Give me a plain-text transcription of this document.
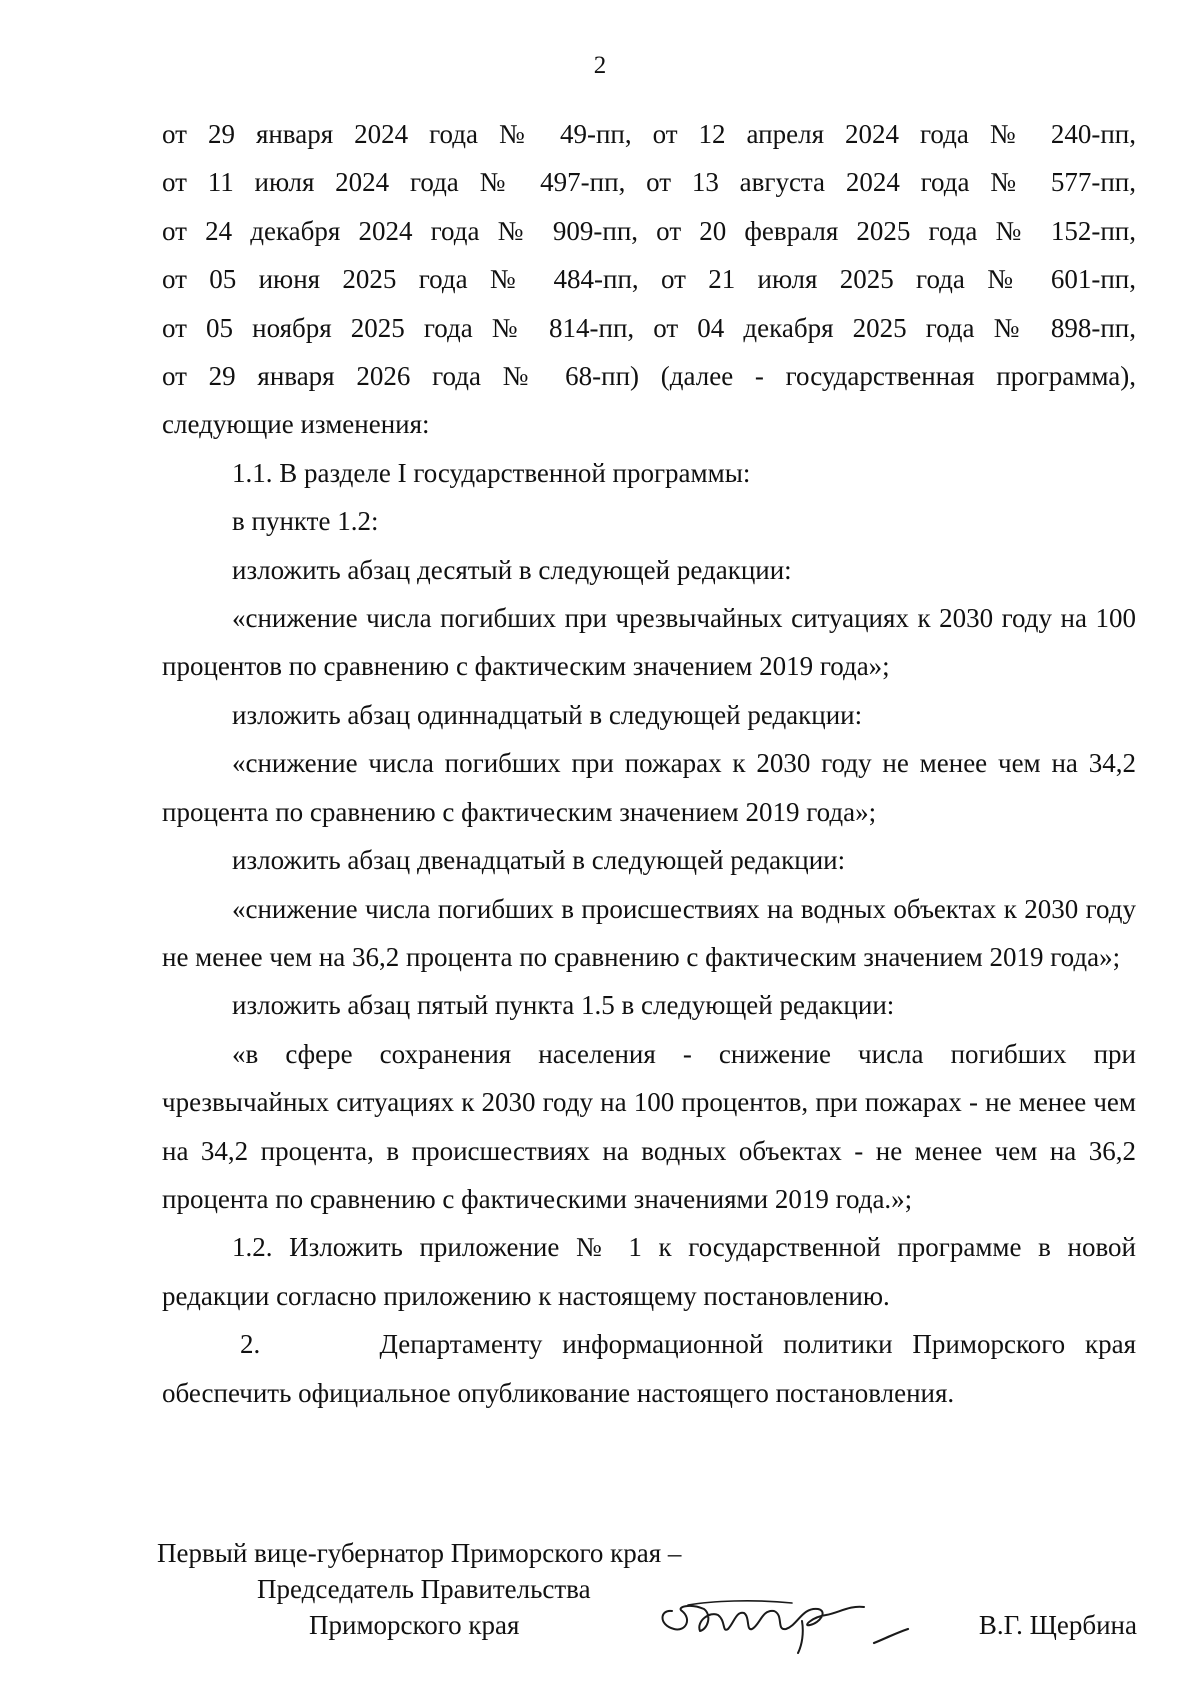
2

от 29 января 2024 года № 49-пп, от 12 апреля 2024 года № 240-пп,

от 11 июля 2024 года № 497-пп, от 13 августа 2024 года № 577-пп,

от 24 декабря 2024 года № 909-пп, от 20 февраля 2025 года № 152-пп,

от 05 июня 2025 года № 484-пп, от 21 июля 2025 года № 601-пп,

от 05 ноября 2025 года № 814-пп, от 04 декабря 2025 года № 898-пп,

от 29 января 2026 года № 68-пп) (далее - государственная программа),

следующие изменения:

1.1. В разделе I государственной программы:

в пункте 1.2:

изложить абзац десятый в следующей редакции:

«снижение числа погибших при чрезвычайных ситуациях к 2030 году на 100 процентов по сравнению с фактическим значением 2019 года»;

изложить абзац одиннадцатый в следующей редакции:

«снижение числа погибших при пожарах к 2030 году не менее чем на 34,2 процента по сравнению с фактическим значением 2019 года»;

изложить абзац двенадцатый в следующей редакции:

«снижение числа погибших в происшествиях на водных объектах к 2030 году не менее чем на 36,2 процента по сравнению с фактическим значением 2019 года»;

изложить абзац пятый пункта 1.5 в следующей редакции:

«в сфере сохранения населения - снижение числа погибших при чрезвычайных ситуациях к 2030 году на 100 процентов, при пожарах - не менее чем на 34,2 процента, в происшествиях на водных объектах - не менее чем на 36,2 процента по сравнению с фактическими значениями 2019 года.»;

1.2. Изложить приложение № 1 к государственной программе в новой редакции согласно приложению к настоящему постановлению.

2.      Департаменту информационной политики Приморского края обеспечить официальное опубликование настоящего постановления.

Первый вице-губернатор Приморского края –
Председатель Правительства
Приморского края	В.Г. Щербина
